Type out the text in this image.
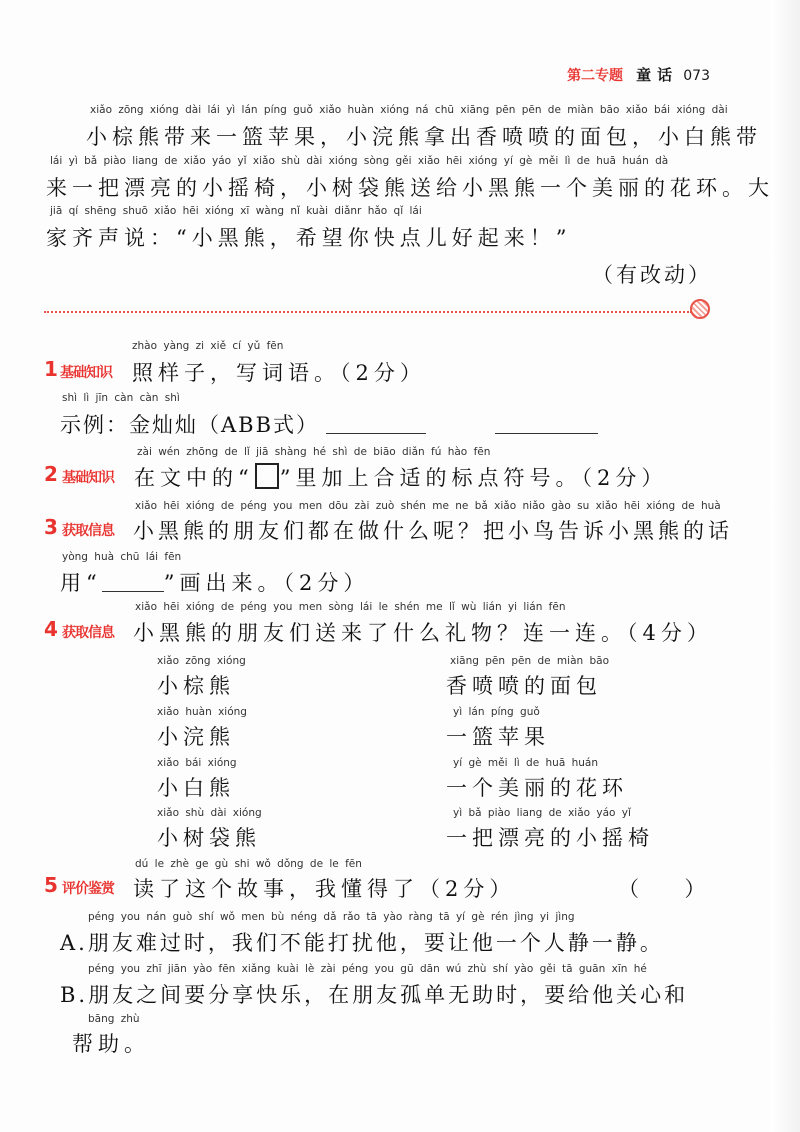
第二专题 童话 073
xiǎo zōng xióng dài lái yì lán píng guǒ xiǎo huàn xióng ná chū xiāng pēn pēn de miàn bāo xiǎo bái xióng dài
小棕熊带来一篮苹果，小浣熊拿出香喷喷的面包，小白熊带
lái yì bǎ piào liang de xiǎo yáo yǐ xiǎo shù dài xióng sòng gěi xiǎo hēi xióng yí gè měi lì de huā huán dà
来一把漂亮的小摇椅，小树袋熊送给小黑熊一个美丽的花环。大
jiā qí shēng shuō xiǎo hēi xióng xī wàng nǐ kuài diǎnr hǎo qǐ lái
家齐声说：“小黑熊，希望你快点儿好起来！”
（有改动）
zhào yàng zi xiě cí yǔ fēn
1 基础知识 照样子，写词语。（2分）
shì lì jīn càn càn shì
示例：金灿灿（ABB式）
zài wén zhōng de lǐ jiā shàng hé shì de biāo diǎn fú hào fēn
2 基础知识 在文中的“ ”里加上合适的标点符号。（2分）
xiǎo hēi xióng de péng you men dōu zài zuò shén me ne bǎ xiǎo niǎo gào su xiǎo hēi xióng de huà
3 获取信息 小黑熊的朋友们都在做什么呢？把小鸟告诉小黑熊的话
yòng huà chū lái fēn
用“	”画出来。（2分）
xiǎo hēi xióng de péng you men sòng lái le shén me lǐ wù lián yi lián fēn
4 获取信息 小黑熊的朋友们送来了什么礼物？连一连。（4分）
xiǎo zōng xióng
小棕熊
xiǎo huàn xióng
小浣熊
xiǎo bái xióng
小白熊
xiǎo shù dài xióng
小树袋熊
xiāng pēn pēn de miàn bāo
香喷喷的面包
yì lán píng guǒ
一篮苹果
yí gè měi lì de huā huán
一个美丽的花环
yì bǎ piào liang de xiǎo yáo yǐ
一把漂亮的小摇椅
dú le zhè ge gù shi wǒ dǒng de le fēn
5 评价鉴赏 读了这个故事，我懂得了（2分）	（     ）
péng you nán guò shí wǒ men bù néng dǎ rǎo tā yào ràng tā yí gè rén jìng yi jìng
A.朋友难过时，我们不能打扰他，要让他一个人静一静。
péng you zhī jiān yào fēn xiǎng kuài lè zài péng you gū dān wú zhù shí yào gěi tā guān xīn hé
B.朋友之间要分享快乐，在朋友孤单无助时，要给他关心和
bāng zhù
帮助。
